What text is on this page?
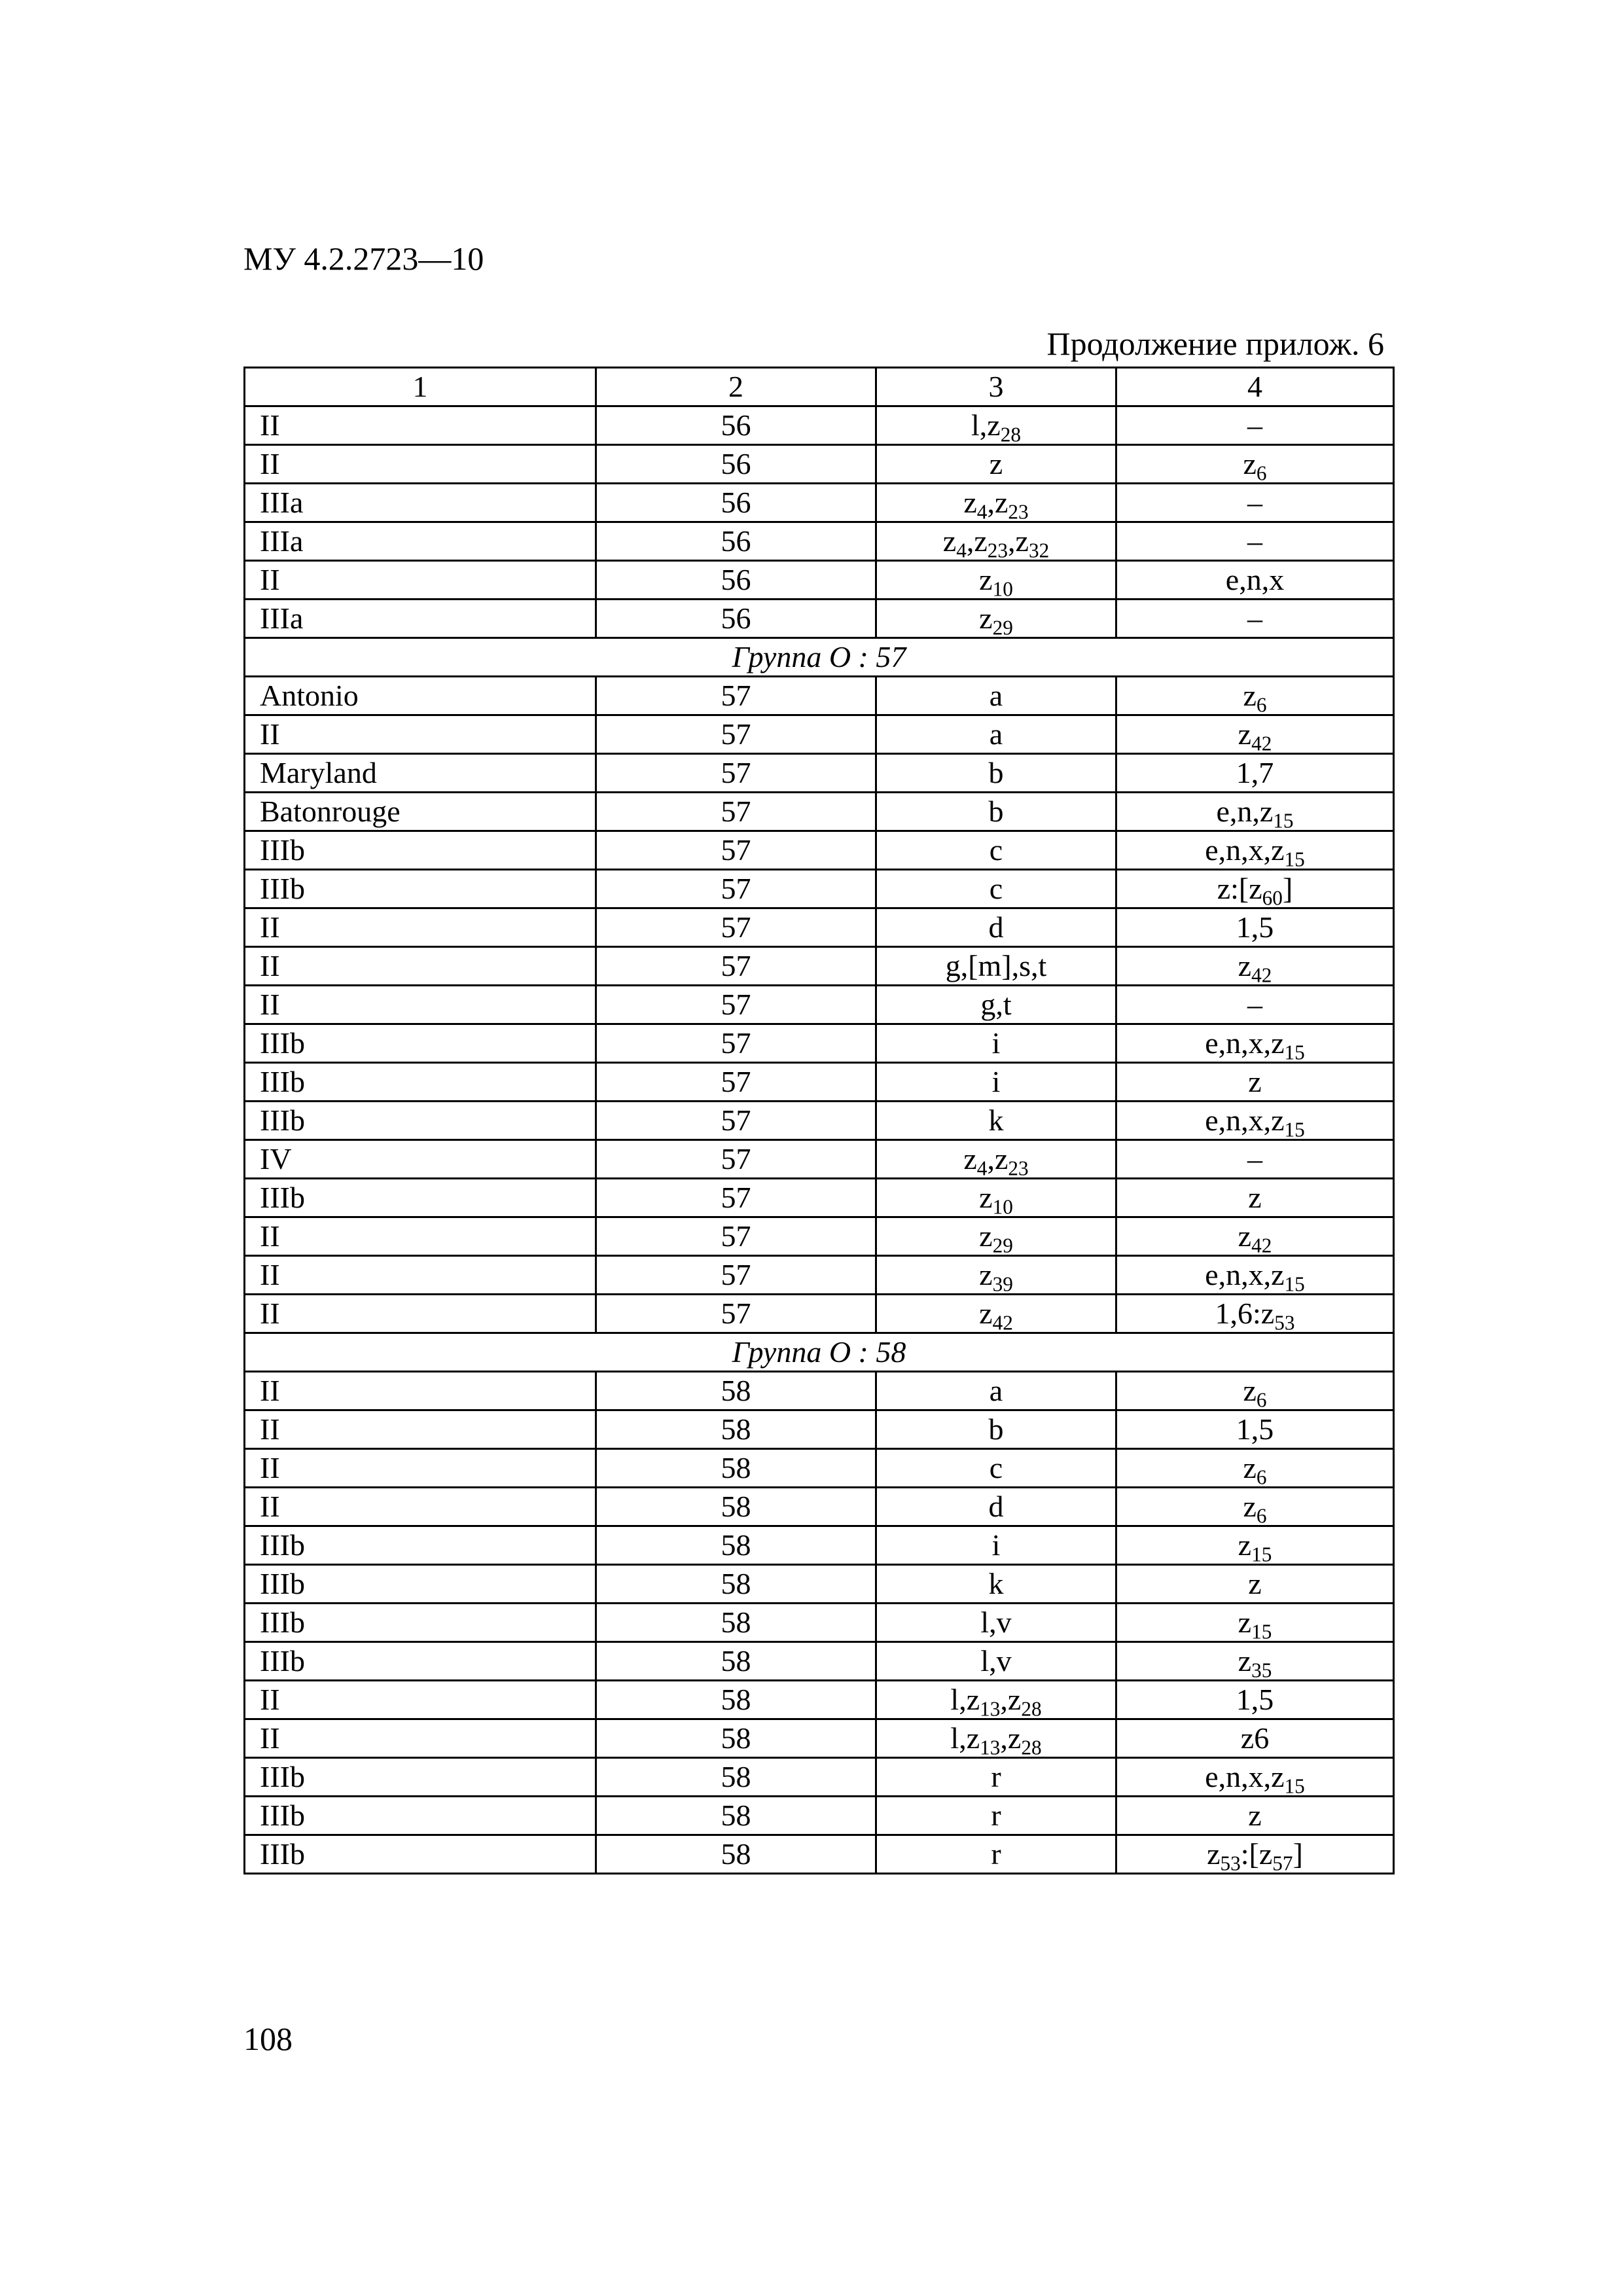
МУ 4.2.2723—10
Продолжение прилож. 6
1	2	3	4
II	56	$l,z_{28}$	–
II	56	z	$z_6$
IIIa	56	$z_4,z_{23}$	–
IIIa	56	$z_4,z_{23},z_{32}$	–
II	56	$z_{10}$	e,n,x
IIIa	56	$z_{29}$	–
Группа О : 57			
Antonio	57	a	$z_6$
II	57	a	$z_{42}$
Maryland	57	b	1,7
Batonrouge	57	b	$e,n,z_{15}$
IIIb	57	c	$e,n,x,z_{15}$
IIIb	57	c	$z:[z_{60}]$
II	57	d	1,5
II	57	g,[m],s,t	$z_{42}$
II	57	g,t	–
IIIb	57	i	$e,n,x,z_{15}$
IIIb	57	i	z
IIIb	57	k	$e,n,x,z_{15}$
IV	57	$z_4,z_{23}$	–
IIIb	57	$z_{10}$	z
II	57	$z_{29}$	$z_{42}$
II	57	$z_{39}$	$e,n,x,z_{15}$
II	57	$z_{42}$	$1,6:z_{53}$
Группа О : 58			
II	58	a	$z_6$
II	58	b	1,5
II	58	c	$z_6$
II	58	d	$z_6$
IIIb	58	i	$z_{15}$
IIIb	58	k	z
IIIb	58	l,v	$z_{15}$
IIIb	58	l,v	$z_{35}$
II	58	$l,z_{13},z_{28}$	1,5
II	58	$l,z_{13},z_{28}$	z6
IIIb	58	r	$e,n,x,z_{15}$
IIIb	58	r	z
IIIb	58	r	$z_{53}:[z_{57}]$
108
